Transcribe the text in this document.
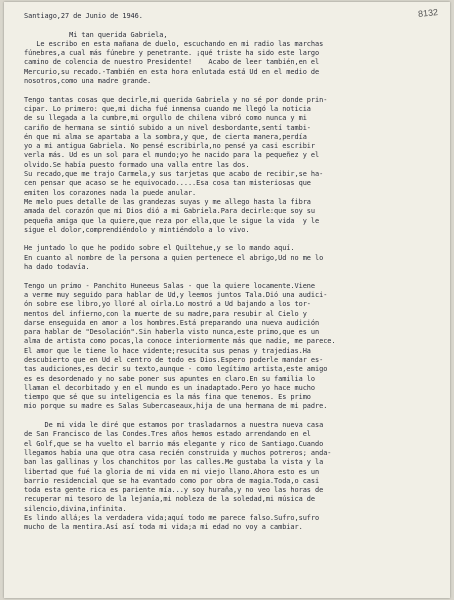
8132
Santiago,27 de Junio de 1946.
Mi tan querida Gabriela,
Le escribo en esta mañana de duelo, escuchando en mi radio las marchas
fúnebres,a cual más fúnebre y penetrante. ¡qué triste ha sido este largo
camino de colencia de nuestro Presidente!    Acabo de leer también,en el
Mercurio,su recado.-También en esta hora enlutada está Ud en el medio de
nosotros,como una madre grande.
Tengo tantas cosas que decirle,mi querida Gabriela y no sé por donde prin-
cipar. Lo primero: que,mi dicha fué inmensa cuando me llegó la noticia
de su llegada a la cumbre,mi orgullo de chilena vibró como nunca y mi
cariño de hermana se sintió subido a un nivel desbordante,sentí tambi-
én que mi alma se apartaba a la sombra,y que, de cierta manera,perdía
yo a mi antigua Gabriela. No pensé escribirla,no pensé ya casi escribir
verla más. Ud es un sol para el mundo;yo he nacido para la pequeñez y el
olvido.Se había puesto formado una valla entre las dos.
Su recado,que me trajo Carmela,y sus tarjetas que acabo de recibir,se ha-
cen pensar que acaso se he equivocado.....Esa cosa tan misteriosas que
emiten los corazones nada la puede anular.
Me melo pues detalle de las grandezas suyas y me allego hasta la fibra
amada del corazón que mi Dios dió a mi Gabriela.Para decirle:que soy su
pequeña amiga que la quiere,que reza por ella,que le sigue la vida  y le
sigue el dolor,comprendiéndolo y mintiéndolo a lo vivo.
He juntado lo que he podido sobre el Quiltehue,y se lo mando aquí.
En cuanto al nombre de la persona a quien pertenece el abrigo,Ud no me lo
ha dado todavía.
Tengo un primo - Panchito Huneeus Salas - que la quiere locamente.Viene
a verme muy seguido para hablar de Ud,y leemos juntos Tala.Dió una audici-
ón sobre ese libro,yo lloré al oírla.Lo mostró a Ud bajando a los tor-
mentos del infierno,con la muerte de su madre,para resubir al Cielo y
darse enseguida en amor a los hombres.Está preparando una nueva audición
para hablar de "Desolación".Sin haberla visto nunca,este primo,que es un
alma de artista como pocas,la conoce interiormente más que nadie, me parece.
El amor que le tiene lo hace vidente;resucita sus penas y trajedias.Ha
descubierto que en Ud el centro de todo es Dios.Espero poderle mandar es-
tas audiciones,es decir su texto,aunque - como legítimo artista,este amigo
es es desordenado y no sabe poner sus apuntes en claro.En su familia lo
llaman el decorbitado y en el mundo es un inadaptado.Pero yo hace mucho
tiempo que sé que su inteligencia es la más fina que tenemos. Es primo
mio porque su madre es Salas Subercaseaux,hija de una hermana de mi padre.
De mi vida le diré que estamos por trasladarnos a nuestra nueva casa
de San Francisco de las Condes.Tres años hemos estado arrendando en el
el Golf,que se ha vuelto el barrio más elegante y rico de Santiago.Cuando
llegamos había una que otra casa recién construida y muchos potreros; anda-
ban las gallinas y los chanchitos por las calles.Me gustaba la vista y la
libertad que fué la gloria de mi vida en mi viejo llano.Ahora esto es un
barrio residencial que se ha evantado como por obra de magia.Toda,o casi
toda esta gente rica es pariente mía...y soy huraña,y no veo las horas de
recuperar mi tesoro de la lejanía,mi nobleza de la soledad,mi música de
silencio,divina,infinita.
Es lindo allá;es la verdadera vida;aquí todo me parece falso.Sufro,sufro
mucho de la mentira.Así así toda mi vida;a mi edad no voy a cambiar.
